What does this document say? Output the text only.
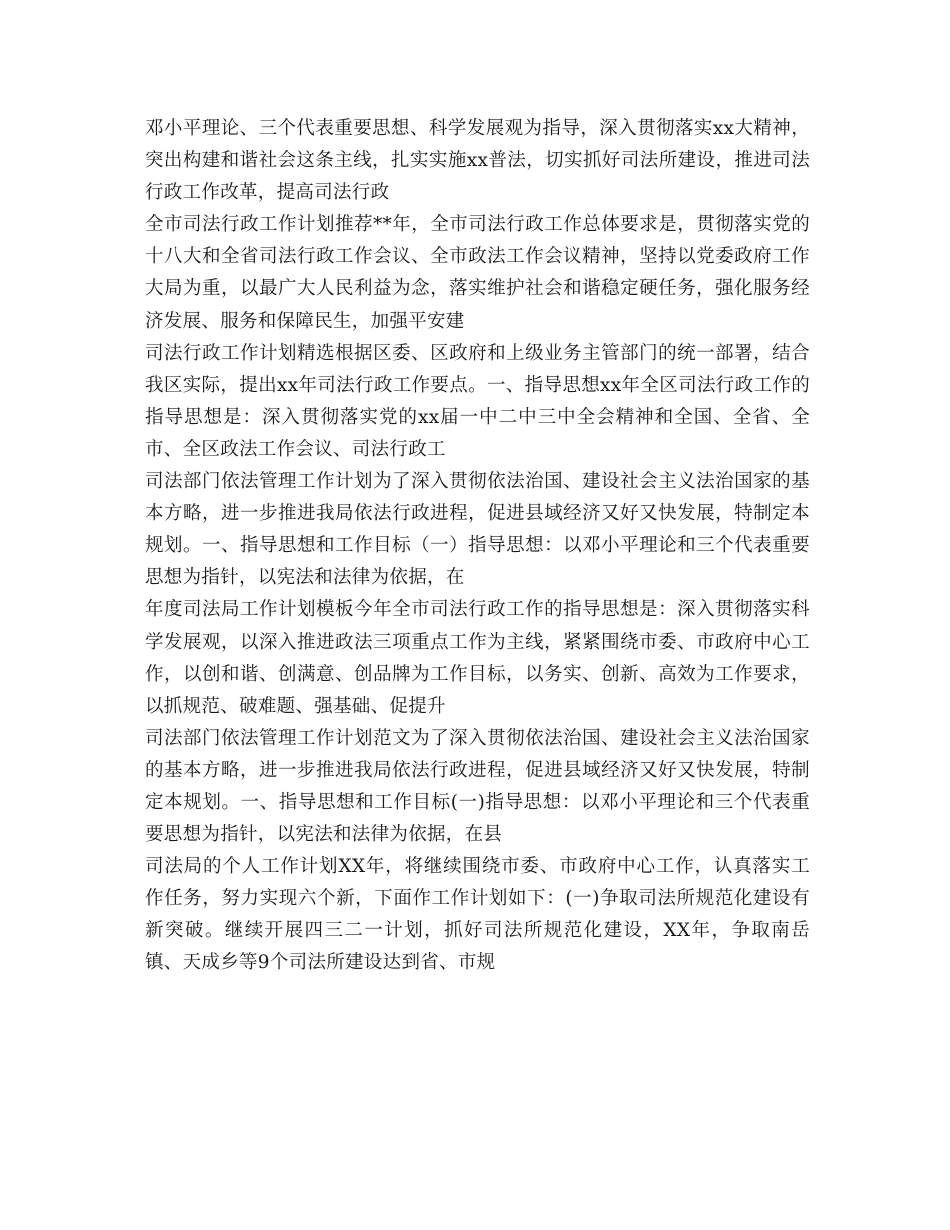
邓小平理论、三个代表重要思想、科学发展观为指导，深入贯彻落实xx大精神，突出构建和谐社会这条主线，扎实实施xx普法，切实抓好司法所建设，推进司法行政工作改革，提高司法行政

全市司法行政工作计划推荐**年，全市司法行政工作总体要求是，贯彻落实党的十八大和全省司法行政工作会议、全市政法工作会议精神，坚持以党委政府工作大局为重，以最广大人民利益为念，落实维护社会和谐稳定硬任务，强化服务经济发展、服务和保障民生，加强平安建

司法行政工作计划精选根据区委、区政府和上级业务主管部门的统一部署，结合我区实际，提出xx年司法行政工作要点。一、指导思想xx年全区司法行政工作的指导思想是：深入贯彻落实党的xx届一中二中三中全会精神和全国、全省、全市、全区政法工作会议、司法行政工

司法部门依法管理工作计划为了深入贯彻依法治国、建设社会主义法治国家的基本方略，进一步推进我局依法行政进程，促进县域经济又好又快发展，特制定本规划。一、指导思想和工作目标（一）指导思想：以邓小平理论和三个代表重要思想为指针，以宪法和法律为依据，在

年度司法局工作计划模板今年全市司法行政工作的指导思想是：深入贯彻落实科学发展观，以深入推进政法三项重点工作为主线，紧紧围绕市委、市政府中心工作，以创和谐、创满意、创品牌为工作目标，以务实、创新、高效为工作要求，以抓规范、破难题、强基础、促提升

司法部门依法管理工作计划范文为了深入贯彻依法治国、建设社会主义法治国家的基本方略，进一步推进我局依法行政进程，促进县域经济又好又快发展，特制定本规划。一、指导思想和工作目标(一)指导思想：以邓小平理论和三个代表重要思想为指针，以宪法和法律为依据，在县

司法局的个人工作计划XX年，将继续围绕市委、市政府中心工作，认真落实工作任务，努力实现六个新，下面作工作计划如下：(一)争取司法所规范化建设有新突破。继续开展四三二一计划，抓好司法所规范化建设，XX年，争取南岳镇、天成乡等9个司法所建设达到省、市规
